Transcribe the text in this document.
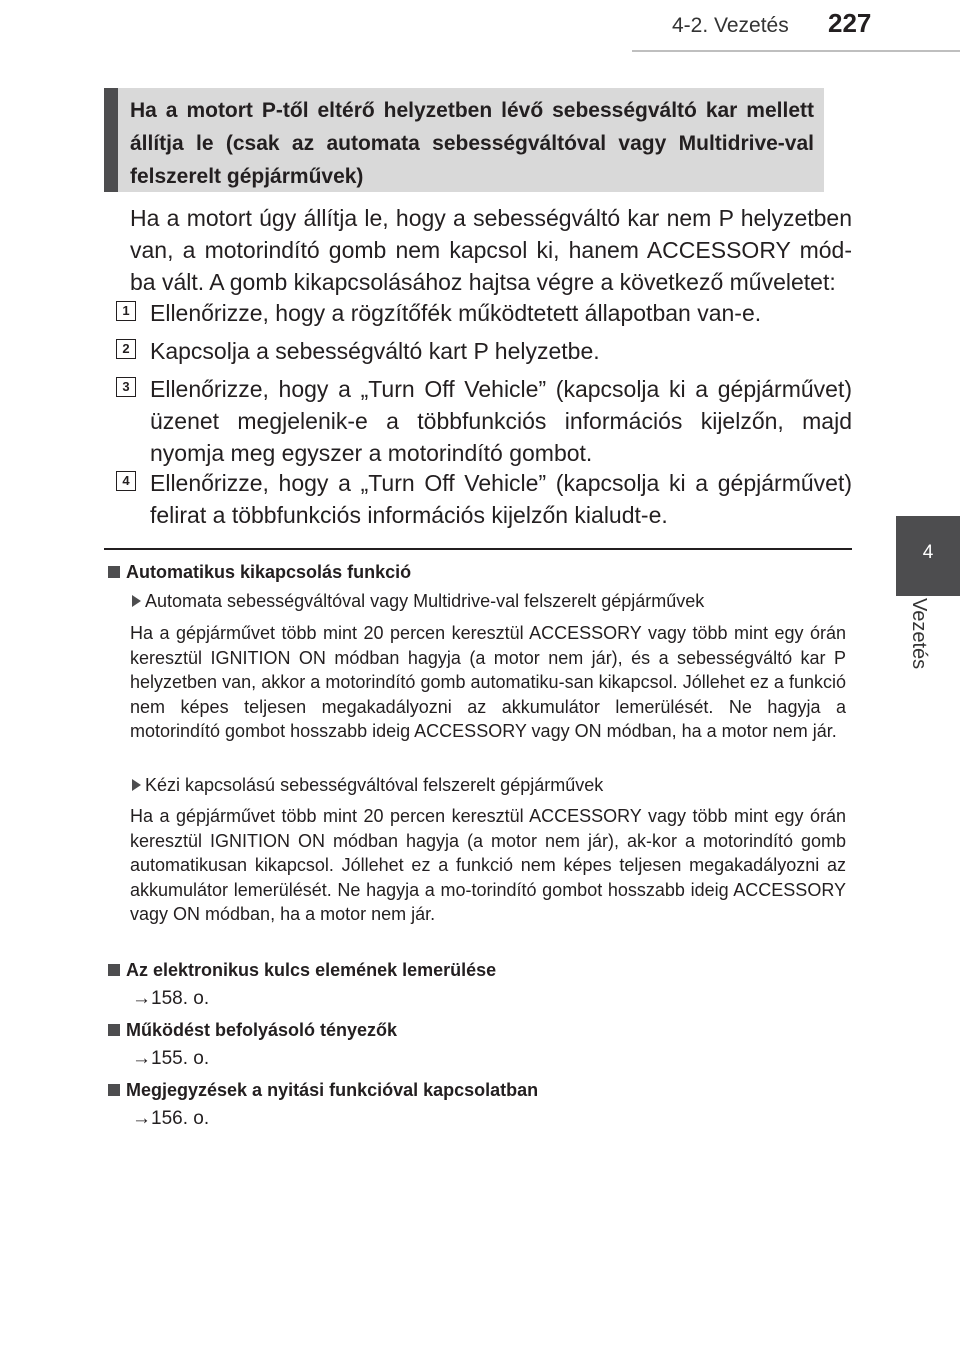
4-2. Vezetés 227
4
Vezetés
Ha a motort P-től eltérő helyzetben lévő sebességváltó kar mellett állítja le (csak az automata sebességváltóval vagy Multidrive-val felszerelt gépjárművek)
Ha a motort úgy állítja le, hogy a sebességváltó kar nem P helyzetben van, a motorindító gomb nem kapcsol ki, hanem ACCESSORY mód-ba vált. A gomb kikapcsolásához hajtsa végre a következő műveletet:
1 Ellenőrizze, hogy a rögzítőfék működtetett állapotban van-e.
2 Kapcsolja a sebességváltó kart P helyzetbe.
3 Ellenőrizze, hogy a „Turn Off Vehicle” (kapcsolja ki a gépjárművet) üzenet megjelenik-e a többfunkciós információs kijelzőn, majd nyomja meg egyszer a motorindító gombot.
4 Ellenőrizze, hogy a „Turn Off Vehicle” (kapcsolja ki a gépjárművet) felirat a többfunkciós információs kijelzőn kialudt-e.
Automatikus kikapcsolás funkció
Automata sebességváltóval vagy Multidrive-val felszerelt gépjárművek
Ha a gépjárművet több mint 20 percen keresztül ACCESSORY vagy több mint egy órán keresztül IGNITION ON módban hagyja (a motor nem jár), és a sebességváltó kar P helyzetben van, akkor a motorindító gomb automatiku-san kikapcsol. Jóllehet ez a funkció nem képes teljesen megakadályozni az akkumulátor lemerülését. Ne hagyja a motorindító gombot hosszabb ideig ACCESSORY vagy ON módban, ha a motor nem jár.
Kézi kapcsolású sebességváltóval felszerelt gépjárművek
Ha a gépjárművet több mint 20 percen keresztül ACCESSORY vagy több mint egy órán keresztül IGNITION ON módban hagyja (a motor nem jár), ak-kor a motorindító gomb automatikusan kikapcsol. Jóllehet ez a funkció nem képes teljesen megakadályozni az akkumulátor lemerülését. Ne hagyja a mo-torindító gombot hosszabb ideig ACCESSORY vagy ON módban, ha a motor nem jár.
Az elektronikus kulcs elemének lemerülése
→158. o.
Működést befolyásoló tényezők
→155. o.
Megjegyzések a nyitási funkcióval kapcsolatban
→156. o.
